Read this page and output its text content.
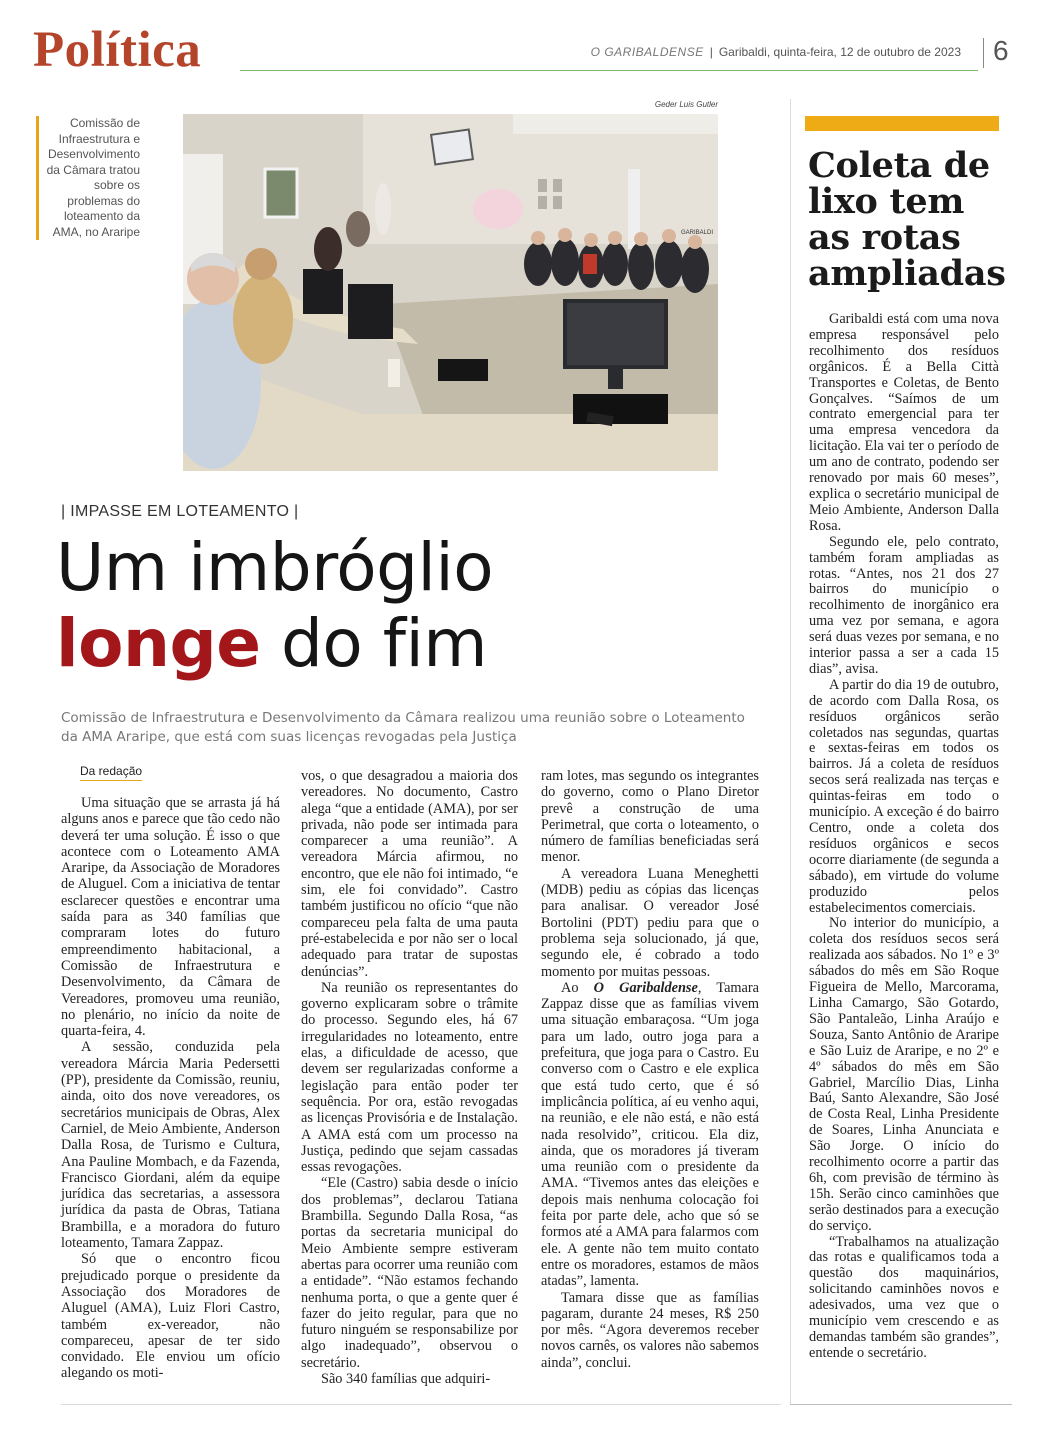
Política	O GARIBALDENSE | Garibaldi, quinta-feira, 12 de outubro de 2023 6
Comissão de Infraestrutura e Desenvolvimento da Câmara tratou sobre os problemas do loteamento da AMA, no Araripe
Geder Luis Gutler
GARIBALDI
| IMPASSE EM LOTEAMENTO |
Um imbróglio
longe do fim
Comissão de Infraestrutura e Desenvolvimento da Câmara realizou uma reunião sobre o Loteamento da AMA Araripe, que está com suas licenças revogadas pela Justiça
Da redação

Uma situação que se arrasta já há alguns anos e parece que tão cedo não deverá ter uma solução. É isso o que acontece com o Loteamento AMA Araripe, da Associação de Moradores de Aluguel. Com a iniciativa de tentar esclarecer questões e encontrar uma saída para as 340 famílias que compraram lotes do futuro empreendimento habitacional, a Comissão de Infraestrutura e Desenvolvimento, da Câmara de Vereadores, promoveu uma reunião, no plenário, no início da noite de quarta-feira, 4.

A sessão, conduzida pela vereadora Márcia Maria Pedersetti (PP), presidente da Comissão, reuniu, ainda, oito dos nove vereadores, os secretários municipais de Obras, Alex Carniel, de Meio Ambiente, Anderson Dalla Rosa, de Turismo e Cultura, Ana Pauline Mombach, e da Fazenda, Francisco Giordani, além da equipe jurídica das secretarias, a assessora jurídica da pasta de Obras, Tatiana Brambilla, e a moradora do futuro loteamento, Tamara Zappaz.

Só que o encontro ficou prejudicado porque o presidente da Associação dos Moradores de Aluguel (AMA), Luiz Flori Castro, também ex-vereador, não compareceu, apesar de ter sido convidado. Ele enviou um ofício alegando os moti-

vos, o que desagradou a maioria dos vereadores. No documento, Castro alega “que a entidade (AMA), por ser privada, não pode ser intimada para comparecer a uma reunião”. A vereadora Márcia afirmou, no encontro, que ele não foi intimado, “e sim, ele foi convidado”. Castro também justificou no ofício “que não compareceu pela falta de uma pauta pré-estabelecida e por não ser o local adequado para tratar de supostas denúncias”.

Na reunião os representantes do governo explicaram sobre o trâmite do processo. Segundo eles, há 67 irregularidades no loteamento, entre elas, a dificuldade de acesso, que devem ser regularizadas conforme a legislação para então poder ter sequência. Por ora, estão revogadas as licenças Provisória e de Instalação. A AMA está com um processo na Justiça, pedindo que sejam cassadas essas revogações.

“Ele (Castro) sabia desde o início dos problemas”, declarou Tatiana Brambilla. Segundo Dalla Rosa, “as portas da secretaria municipal do Meio Ambiente sempre estiveram abertas para ocorrer uma reunião com a entidade”. “Não estamos fechando nenhuma porta, o que a gente quer é fazer do jeito regular, para que no futuro ninguém se responsabilize por algo inadequado”, observou o secretário.

São 340 famílias que adquiri-

ram lotes, mas segundo os integrantes do governo, como o Plano Diretor prevê a construção de uma Perimetral, que corta o loteamento, o número de famílias beneficiadas será menor.

A vereadora Luana Meneghetti (MDB) pediu as cópias das licenças para analisar. O vereador José Bortolini (PDT) pediu para que o problema seja solucionado, já que, segundo ele, é cobrado a todo momento por muitas pessoas.

Ao O Garibaldense, Tamara Zappaz disse que as famílias vivem uma situação embaraçosa. “Um joga para um lado, outro joga para a prefeitura, que joga para o Castro. Eu converso com o Castro e ele explica que está tudo certo, que é só implicância política, aí eu venho aqui, na reunião, e ele não está, e não está nada resolvido”, criticou. Ela diz, ainda, que os moradores já tiveram uma reunião com o presidente da AMA. “Tivemos antes das eleições e depois mais nenhuma colocação foi feita por parte dele, acho que só se formos até a AMA para falarmos com ele. A gente não tem muito contato entre os moradores, estamos de mãos atadas”, lamenta.

Tamara disse que as famílias pagaram, durante 24 meses, R$ 250 por mês. “Agora deveremos receber novos carnês, os valores não sabemos ainda”, conclui.

Coleta de lixo tem as rotas ampliadas

Garibaldi está com uma nova empresa responsável pelo recolhimento dos resíduos orgânicos. É a Bella Città Transportes e Coletas, de Bento Gonçalves. “Saímos de um contrato emergencial para ter uma empresa vencedora da licitação. Ela vai ter o período de um ano de contrato, podendo ser renovado por mais 60 meses”, explica o secretário municipal de Meio Ambiente, Anderson Dalla Rosa.

Segundo ele, pelo contrato, também foram ampliadas as rotas. “Antes, nos 21 dos 27 bairros do município o recolhimento de inorgânico era uma vez por semana, e agora será duas vezes por semana, e no interior passa a ser a cada 15 dias”, avisa.

A partir do dia 19 de outubro, de acordo com Dalla Rosa, os resíduos orgânicos serão coletados nas segundas, quartas e sextas-feiras em todos os bairros. Já a coleta de resíduos secos será realizada nas terças e quintas-feiras em todo o município. A exceção é do bairro Centro, onde a coleta dos resíduos orgânicos e secos ocorre diariamente (de segunda a sábado), em virtude do volume produzido pelos estabelecimentos comerciais.

No interior do município, a coleta dos resíduos secos será realizada aos sábados. No 1º e 3º sábados do mês em São Roque Figueira de Mello, Marcorama, Linha Camargo, São Gotardo, São Pantaleão, Linha Araújo e Souza, Santo Antônio de Araripe e São Luiz de Araripe, e no 2º e 4º sábados do mês em São Gabriel, Marcílio Dias, Linha Baú, Santo Alexandre, São José de Costa Real, Linha Presidente de Soares, Linha Anunciata e São Jorge. O início do recolhimento ocorre a partir das 6h, com previsão de término às 15h. Serão cinco caminhões que serão destinados para a execução do serviço.

“Trabalhamos na atualização das rotas e qualificamos toda a questão dos maquinários, solicitando caminhões novos e adesivados, uma vez que o município vem crescendo e as demandas também são grandes”, entende o secretário.
